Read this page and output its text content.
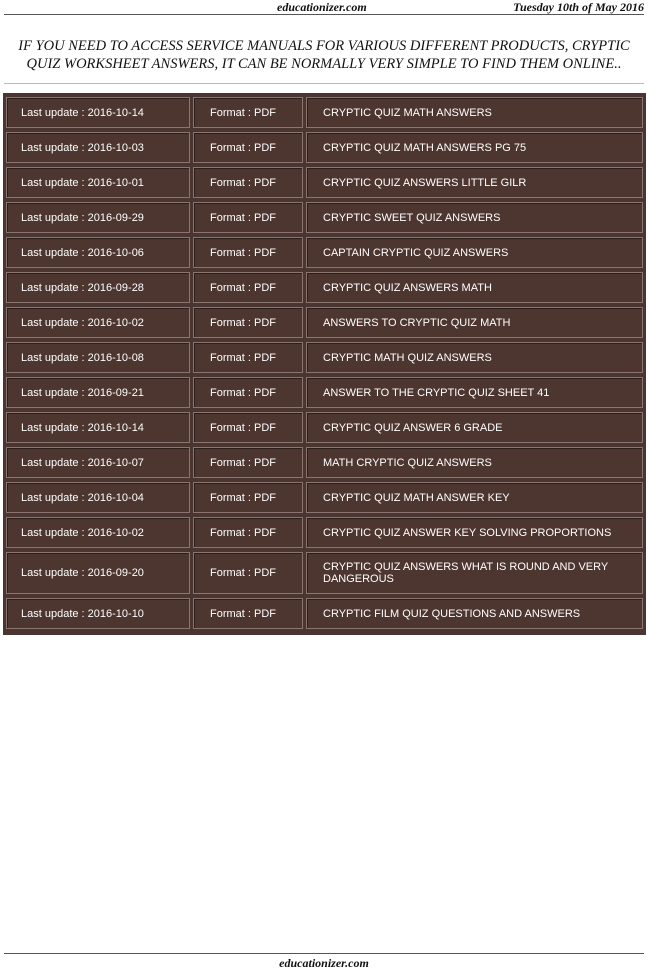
educationizer.com	Tuesday 10th of May 2016
IF YOU NEED TO ACCESS SERVICE MANUALS FOR VARIOUS DIFFERENT PRODUCTS, CRYPTIC QUIZ WORKSHEET ANSWERS, IT CAN BE NORMALLY VERY SIMPLE TO FIND THEM ONLINE..
Last update : 2016-10-14	Format : PDF	CRYPTIC QUIZ MATH ANSWERS
Last update : 2016-10-03	Format : PDF	CRYPTIC QUIZ MATH ANSWERS PG 75
Last update : 2016-10-01	Format : PDF	CRYPTIC QUIZ ANSWERS LITTLE GILR
Last update : 2016-09-29	Format : PDF	CRYPTIC SWEET QUIZ ANSWERS
Last update : 2016-10-06	Format : PDF	CAPTAIN CRYPTIC QUIZ ANSWERS
Last update : 2016-09-28	Format : PDF	CRYPTIC QUIZ ANSWERS MATH
Last update : 2016-10-02	Format : PDF	ANSWERS TO CRYPTIC QUIZ MATH
Last update : 2016-10-08	Format : PDF	CRYPTIC MATH QUIZ ANSWERS
Last update : 2016-09-21	Format : PDF	ANSWER TO THE CRYPTIC QUIZ SHEET 41
Last update : 2016-10-14	Format : PDF	CRYPTIC QUIZ ANSWER 6 GRADE
Last update : 2016-10-07	Format : PDF	MATH CRYPTIC QUIZ ANSWERS
Last update : 2016-10-04	Format : PDF	CRYPTIC QUIZ MATH ANSWER KEY
Last update : 2016-10-02	Format : PDF	CRYPTIC QUIZ ANSWER KEY SOLVING PROPORTIONS
Last update : 2016-09-20	Format : PDF	CRYPTIC QUIZ ANSWERS WHAT IS ROUND AND VERY DANGEROUS
Last update : 2016-10-10	Format : PDF	CRYPTIC FILM QUIZ QUESTIONS AND ANSWERS
educationizer.com
